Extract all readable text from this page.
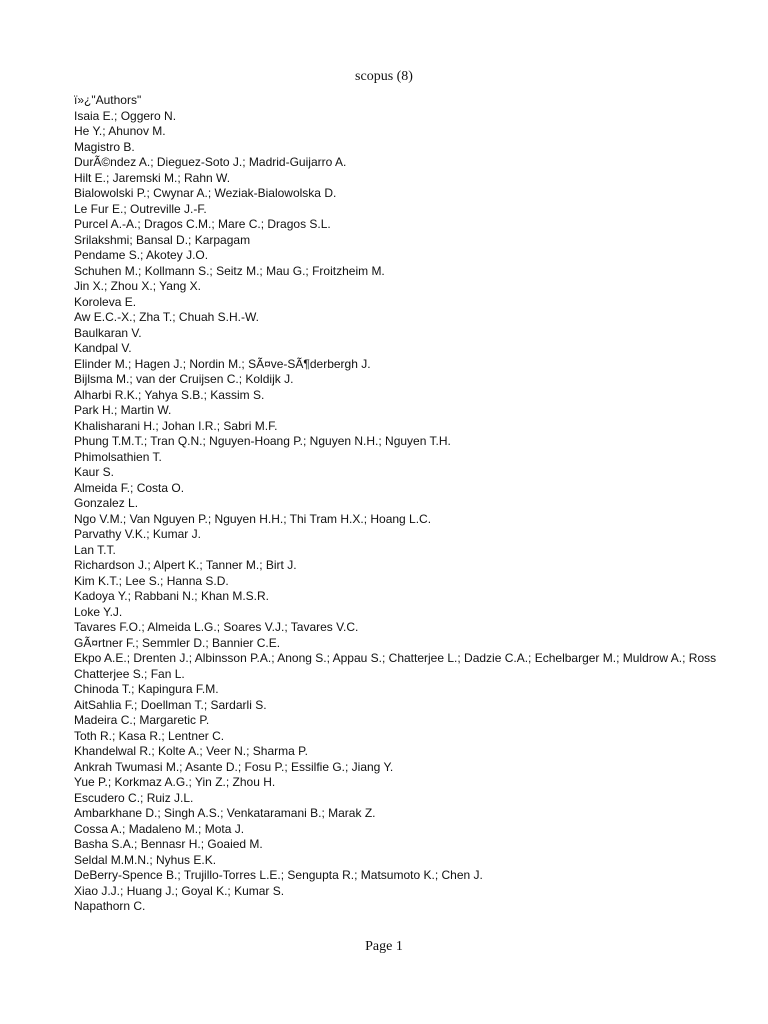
scopus (8)
ï»¿"Authors"
Isaia E.; Oggero N.
He Y.; Ahunov M.
Magistro B.
DurÃ©ndez A.; Dieguez-Soto J.; Madrid-Guijarro A.
Hilt E.; Jaremski M.; Rahn W.
Bialowolski P.; Cwynar A.; Weziak-Bialowolska D.
Le Fur E.; Outreville J.-F.
Purcel A.-A.; Dragos C.M.; Mare C.; Dragos S.L.
Srilakshmi; Bansal D.; Karpagam
Pendame S.; Akotey J.O.
Schuhen M.; Kollmann S.; Seitz M.; Mau G.; Froitzheim M.
Jin X.; Zhou X.; Yang X.
Koroleva E.
Aw E.C.-X.; Zha T.; Chuah S.H.-W.
Baulkaran V.
Kandpal V.
Elinder M.; Hagen J.; Nordin M.; SÃ¤ve-SÃ¶derbergh J.
Bijlsma M.; van der Cruijsen C.; Koldijk J.
Alharbi R.K.; Yahya S.B.; Kassim S.
Park H.; Martin W.
Khalisharani H.; Johan I.R.; Sabri M.F.
Phung T.M.T.; Tran Q.N.; Nguyen-Hoang P.; Nguyen N.H.; Nguyen T.H.
Phimolsathien T.
Kaur S.
Almeida F.; Costa O.
Gonzalez L.
Ngo V.M.; Van Nguyen P.; Nguyen H.H.; Thi Tram H.X.; Hoang L.C.
Parvathy V.K.; Kumar J.
Lan T.T.
Richardson J.; Alpert K.; Tanner M.; Birt J.
Kim K.T.; Lee S.; Hanna S.D.
Kadoya Y.; Rabbani N.; Khan M.S.R.
Loke Y.J.
Tavares F.O.; Almeida L.G.; Soares V.J.; Tavares V.C.
GÃ¤rtner F.; Semmler D.; Bannier C.E.
Ekpo A.E.; Drenten J.; Albinsson P.A.; Anong S.; Appau S.; Chatterjee L.; Dadzie C.A.; Echelbarger M.; Muldrow A.; Ross
Chatterjee S.; Fan L.
Chinoda T.; Kapingura F.M.
AitSahlia F.; Doellman T.; Sardarli S.
Madeira C.; Margaretic P.
Toth R.; Kasa R.; Lentner C.
Khandelwal R.; Kolte A.; Veer N.; Sharma P.
Ankrah Twumasi M.; Asante D.; Fosu P.; Essilfie G.; Jiang Y.
Yue P.; Korkmaz A.G.; Yin Z.; Zhou H.
Escudero C.; Ruiz J.L.
Ambarkhane D.; Singh A.S.; Venkataramani B.; Marak Z.
Cossa A.; Madaleno M.; Mota J.
Basha S.A.; Bennasr H.; Goaied M.
Seldal M.M.N.; Nyhus E.K.
DeBerry-Spence B.; Trujillo-Torres L.E.; Sengupta R.; Matsumoto K.; Chen J.
Xiao J.J.; Huang J.; Goyal K.; Kumar S.
Napathorn C.
Page 1
